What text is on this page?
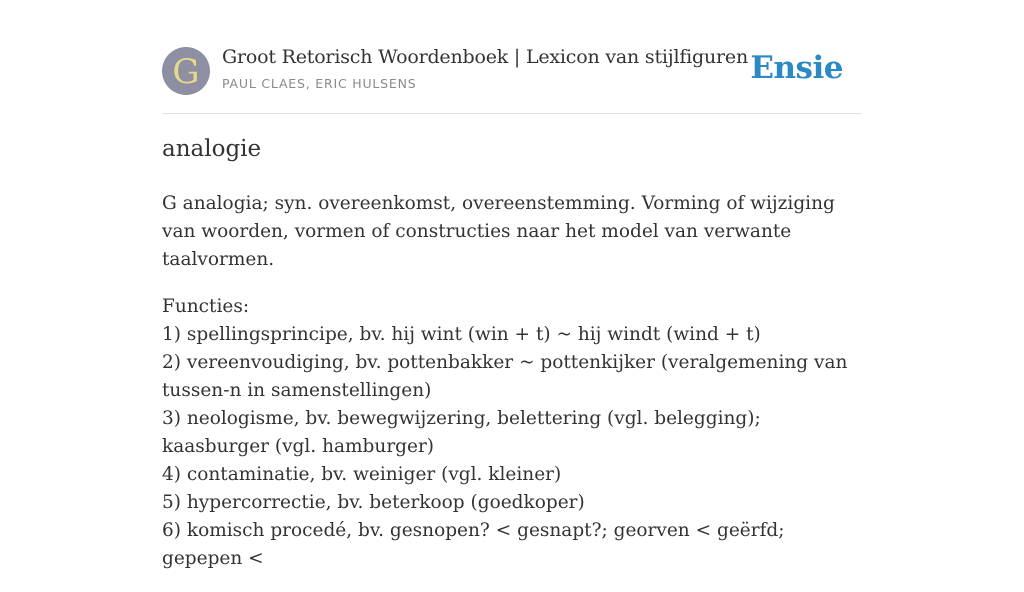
G	Groot Retorisch Woordenboek | Lexicon van stijlfiguren
PAUL CLAES, ERIC HULSENS	Ensie
analogie

G analogia; syn. overeenkomst, overeenstemming. Vorming of wijziging van woorden, vormen of constructies naar het model van verwante taalvormen.

Functies:
1) spellingsprincipe, bv. hij wint (win + t) ~ hij windt (wind + t)
2) vereenvoudiging, bv. pottenbakker ~ pottenkijker (veralgemening van tussen-n in samenstellingen)
3) neologisme, bv. bewegwijzering, belettering (vgl. belegging); kaasburger (vgl. hamburger)
4) contaminatie, bv. weiniger (vgl. kleiner)
5) hypercorrectie, bv. beterkoop (goedkoper)
6) komisch procedé, bv. gesnopen? < gesnapt?; georven < geërfd; gepepen <
